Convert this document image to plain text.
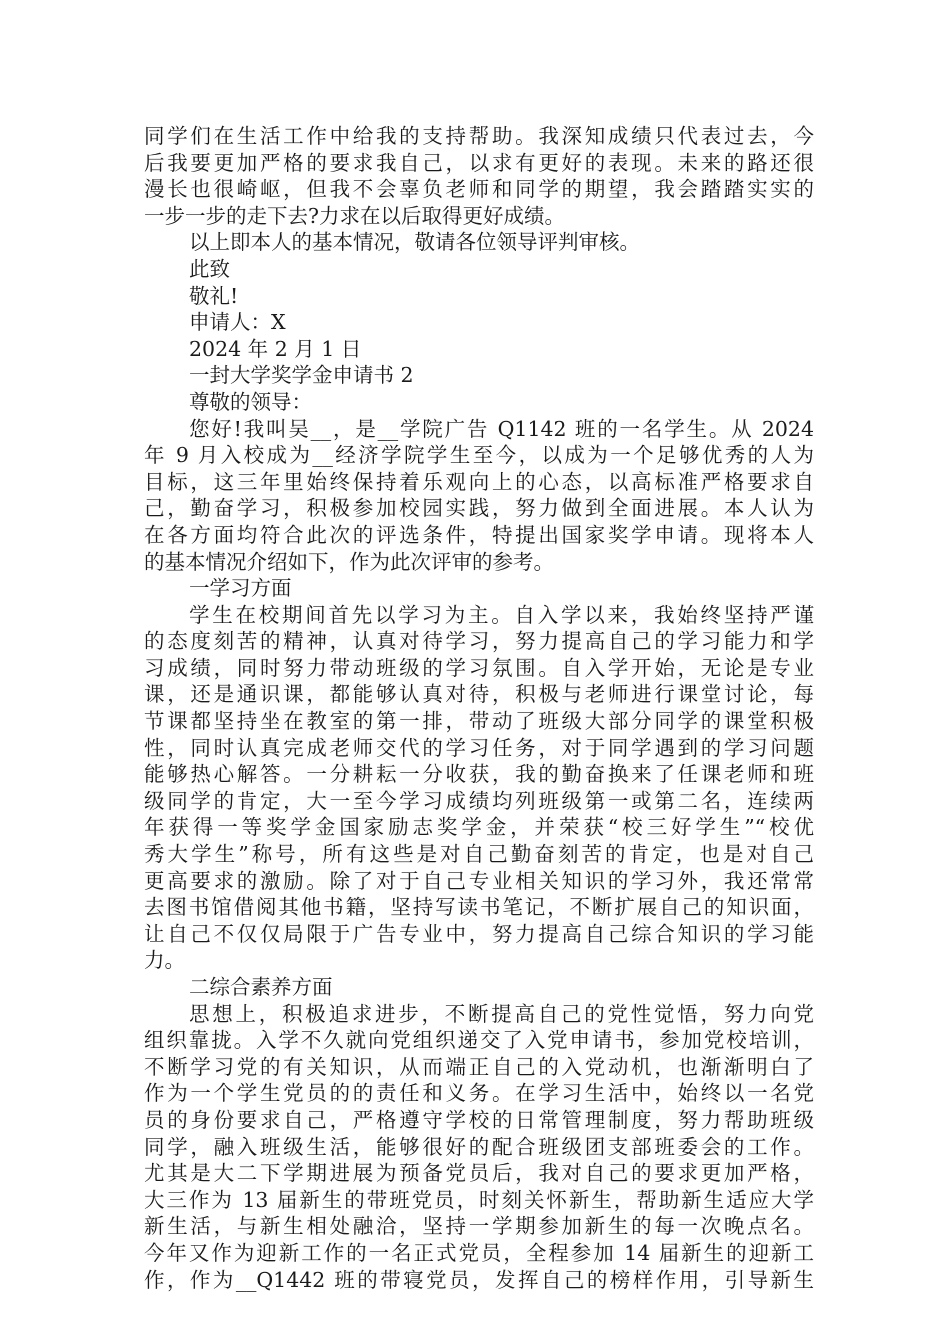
同学们在生活工作中给我的支持帮助。我深知成绩只代表过去，今
后我要更加严格的要求我自己，以求有更好的表现。未来的路还很
漫长也很崎岖，但我不会辜负老师和同学的期望，我会踏踏实实的
一步一步的走下去?力求在以后取得更好成绩。
以上即本人的基本情况，敬请各位领导评判审核。
此致
敬礼!
申请人：X
2024 年 2 月 1 日
一封大学奖学金申请书 2
尊敬的领导：
您好!我叫吴__，是__学院广告 Q1142 班的一名学生。从 2024
年 9 月入校成为__经济学院学生至今，以成为一个足够优秀的人为
目标，这三年里始终保持着乐观向上的心态，以高标准严格要求自
己，勤奋学习，积极参加校园实践，努力做到全面进展。本人认为
在各方面均符合此次的评选条件，特提出国家奖学申请。现将本人
的基本情况介绍如下，作为此次评审的参考。
一学习方面
学生在校期间首先以学习为主。自入学以来，我始终坚持严谨
的态度刻苦的精神，认真对待学习，努力提高自己的学习能力和学
习成绩，同时努力带动班级的学习氛围。自入学开始，无论是专业
课，还是通识课，都能够认真对待，积极与老师进行课堂讨论，每
节课都坚持坐在教室的第一排，带动了班级大部分同学的课堂积极
性，同时认真完成老师交代的学习任务，对于同学遇到的学习问题
能够热心解答。一分耕耘一分收获，我的勤奋换来了任课老师和班
级同学的肯定，大一至今学习成绩均列班级第一或第二名，连续两
年获得一等奖学金国家励志奖学金，并荣获“校三好学生”“校优
秀大学生”称号，所有这些是对自己勤奋刻苦的肯定，也是对自己
更高要求的激励。除了对于自己专业相关知识的学习外，我还常常
去图书馆借阅其他书籍，坚持写读书笔记，不断扩展自己的知识面，
让自己不仅仅局限于广告专业中，努力提高自己综合知识的学习能
力。
二综合素养方面
思想上，积极追求进步，不断提高自己的党性觉悟，努力向党
组织靠拢。入学不久就向党组织递交了入党申请书，参加党校培训，
不断学习党的有关知识，从而端正自己的入党动机，也渐渐明白了
作为一个学生党员的的责任和义务。在学习生活中，始终以一名党
员的身份要求自己，严格遵守学校的日常管理制度，努力帮助班级
同学，融入班级生活，能够很好的配合班级团支部班委会的工作。
尤其是大二下学期进展为预备党员后，我对自己的要求更加严格，
大三作为 13 届新生的带班党员，时刻关怀新生，帮助新生适应大学
新生活，与新生相处融洽，坚持一学期参加新生的每一次晚点名。
今年又作为迎新工作的一名正式党员，全程参加 14 届新生的迎新工
作，作为__Q1442 班的带寝党员，发挥自己的榜样作用，引导新生
